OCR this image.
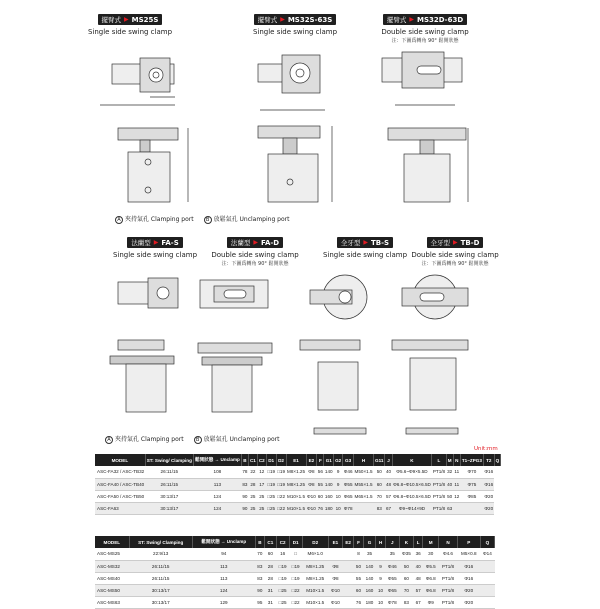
擺臂式 ▶ MS25S
Single side swing clamp
擺臂式 ▶ MS32S-63S
Single side swing clamp
擺臂式 ▶ MS32D-63D
Double side swing clamp
注：下圖爲轉角 90° 鬆開狀態
法蘭型 ▶ FA-S
Single side swing clamp
法蘭型 ▶ FA-D
Double side swing clamp
注：下圖爲轉角 90° 鬆開狀態
全牙型 ▶ TB-S
Single side swing clamp
全牙型 ▶ TB-D
Double side swing clamp
注：下圖爲轉角 90° 鬆開狀態
A 夾持氣孔 Clamping port	B 放鬆氣孔 Unclamping port
A 夾持氣孔 Clamping port	B 放鬆氣孔 Unclamping port
Unit:mm
MODEL	ST: Swing/ Clamping	鬆開狀態 → Unclamp	B	C1	C2	D1	D2	E1	E2	F	G1	G2	G3	H	G11	J	K	L	M	N	T1~ZPG3	T2	Q
ASC-FA32 / ASC-TB32	26:11/15	108	78	22	12	□19	□19	M8×1.25	Φ8	56	140	9	Φ46	M50×1.5	50	40	Φ5.6~Φ9×5.5D	PT1/8	32	11	Φ70	Φ16	
ASC-FA40 / ASC-TB40	26:11/15	113	83	28	17	□19	□19	M8×1.25	Φ8	55	140	9	Φ55	M55×1.5	60	48	Φ6.8~Φ10.5×6.5D	PT1/8	40	11	Φ75	Φ16	
ASC-FA50 / ASC-TB50	30:13/17	124	90	25	25	□25	□22	M10×1.5	Φ10	60	160	10	Φ65	M65×1.5	70	57	Φ6.8~Φ10.5×6.5D	PT1/8	50	12	Φ85	Φ20	
ASC-FA63	30:13/17	124	90	25	25	□25	□22	M10×1.5	Φ10	76	180	10	Φ78		83	67	Φ9~Φ14×9D	PT1/8	63			Φ20	
MODEL	ST: Swing/ Clamping	鬆開狀態 → Unclamp	B	C1	C2	D1	D2	E1	E2	F	G	H	J	K	L	M	N	P	Q
ASC-MS25	22:9/13	94	70	60	16	□	M6×1.0			8	35		35	Φ35	36	30	Φ4.6	M5×0.8	Φ14
ASC-MS32	26:11/15	113	83	28	□19	□19	M8×1.25	Φ8		50	140	9	Φ46	50	40	Φ5.5	PT1/8	Φ16	
ASC-MS40	26:11/15	113	83	28	□19	□19	M8×1.25	Φ8		55	140	9	Φ55	60	48	Φ6.8	PT1/8	Φ16	
ASC-MS50	30:13/17	124	90	31	□25	□22	M10×1.5	Φ10		60	160	10	Φ65	70	57	Φ6.8	PT1/8	Φ20	
ASC-MS63	30:13/17	129	95	31	□25	□22	M10×1.5	Φ10		76	180	10	Φ78	83	67	Φ9	PT1/8	Φ20	
